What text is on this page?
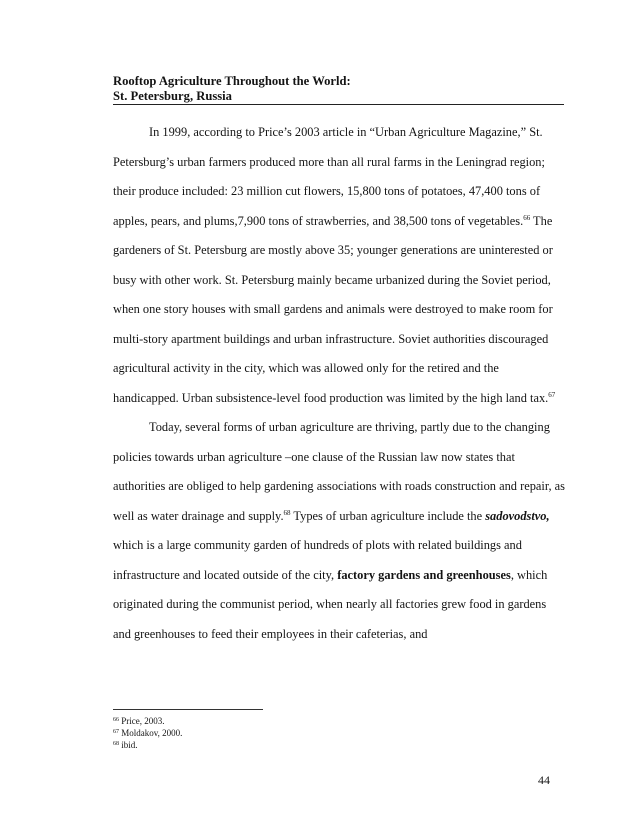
Rooftop Agriculture Throughout the World:
St. Petersburg, Russia

In 1999, according to Price’s 2003 article in “Urban Agriculture Magazine,” St. Petersburg’s urban farmers produced more than all rural farms in the Leningrad region; their produce included: 23 million cut flowers, 15,800 tons of potatoes, 47,400 tons of apples, pears, and plums,7,900 tons of strawberries, and 38,500 tons of vegetables.$^{66}$ The gardeners of St. Petersburg are mostly above 35; younger generations are uninterested or busy with other work. St. Petersburg mainly became urbanized during the Soviet period, when one story houses with small gardens and animals were destroyed to make room for multi-story apartment buildings and urban infrastructure. Soviet authorities discouraged agricultural activity in the city, which was allowed only for the retired and the handicapped. Urban subsistence-level food production was limited by the high land tax.$^{67}$

Today, several forms of urban agriculture are thriving, partly due to the changing policies towards urban agriculture –one clause of the Russian law now states that authorities are obliged to help gardening associations with roads construction and repair, as well as water drainage and supply.$^{68}$ Types of urban agriculture include the sadovodstvo, which is a large community garden of hundreds of plots with related buildings and infrastructure and located outside of the city, factory gardens and greenhouses, which originated during the communist period, when nearly all factories grew food in gardens and greenhouses to feed their employees in their cafeterias, and

$^{66}$ Price, 2003.
$^{67}$ Moldakov, 2000.
$^{68}$ ibid.
44
